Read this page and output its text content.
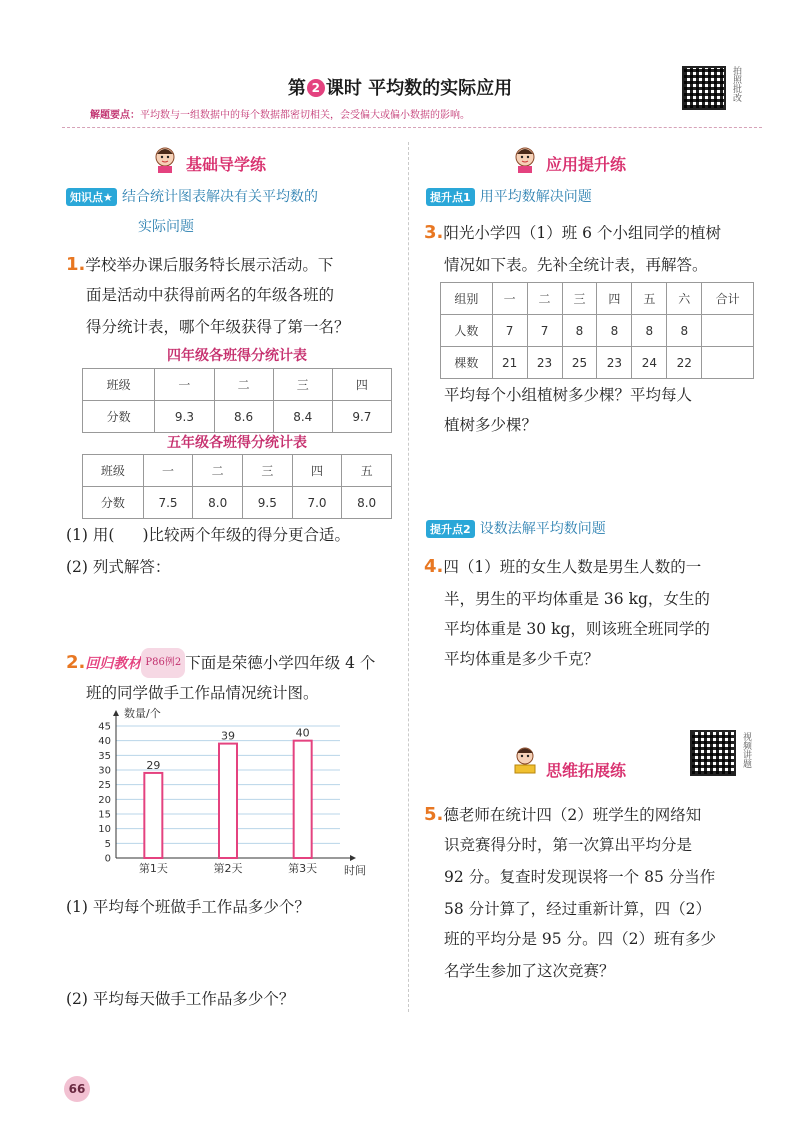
第 2 课时 平均数的实际应用	拍照批改
解题要点：平均数与一组数据中的每个数据都密切相关，会受偏大或偏小数据的影响。
基础导学练
知识点★ 结合统计图表解决有关平均数的
实际问题
1.学校举办课后服务特长展示活动。下
面是活动中获得前两名的年级各班的
得分统计表，哪个年级获得了第一名？
四年级各班得分统计表
班级	一	二	三	四
分数	9.3	8.6	8.4	9.7
五年级各班得分统计表
班级	一	二	三	四	五
分数	7.5	8.0	9.5	7.0	8.0
(1) 用( )比较两个年级的得分更合适。
(2) 列式解答：
2.回归教材 P86例2 下面是荣德小学四年级 4 个
班的同学做手工作品情况统计图。
0
5
10
15
20
25
30
35
40
45
数量/个
时间
29
第1天
39
第2天
40
第3天
(1) 平均每个班做手工作品多少个？
(2) 平均每天做手工作品多少个？
应用提升练
提升点1 用平均数解决问题
3.阳光小学四（1）班 6 个小组同学的植树
情况如下表。先补全统计表，再解答。
组别	一	二	三	四	五	六	合计
人数	7	7	8	8	8	8	
棵数	21	23	25	23	24	22	
平均每个小组植树多少棵？平均每人
植树多少棵？
提升点2 设数法解平均数问题
4.四（1）班的女生人数是男生人数的一
半，男生的平均体重是 36 kg，女生的
平均体重是 30 kg，则该班全班同学的
平均体重是多少千克？
思维拓展练
视频讲题
5.德老师在统计四（2）班学生的网络知
识竞赛得分时，第一次算出平均分是
92 分。复查时发现误将一个 85 分当作
58 分计算了，经过重新计算，四（2）
班的平均分是 95 分。四（2）班有多少
名学生参加了这次竞赛？
66
